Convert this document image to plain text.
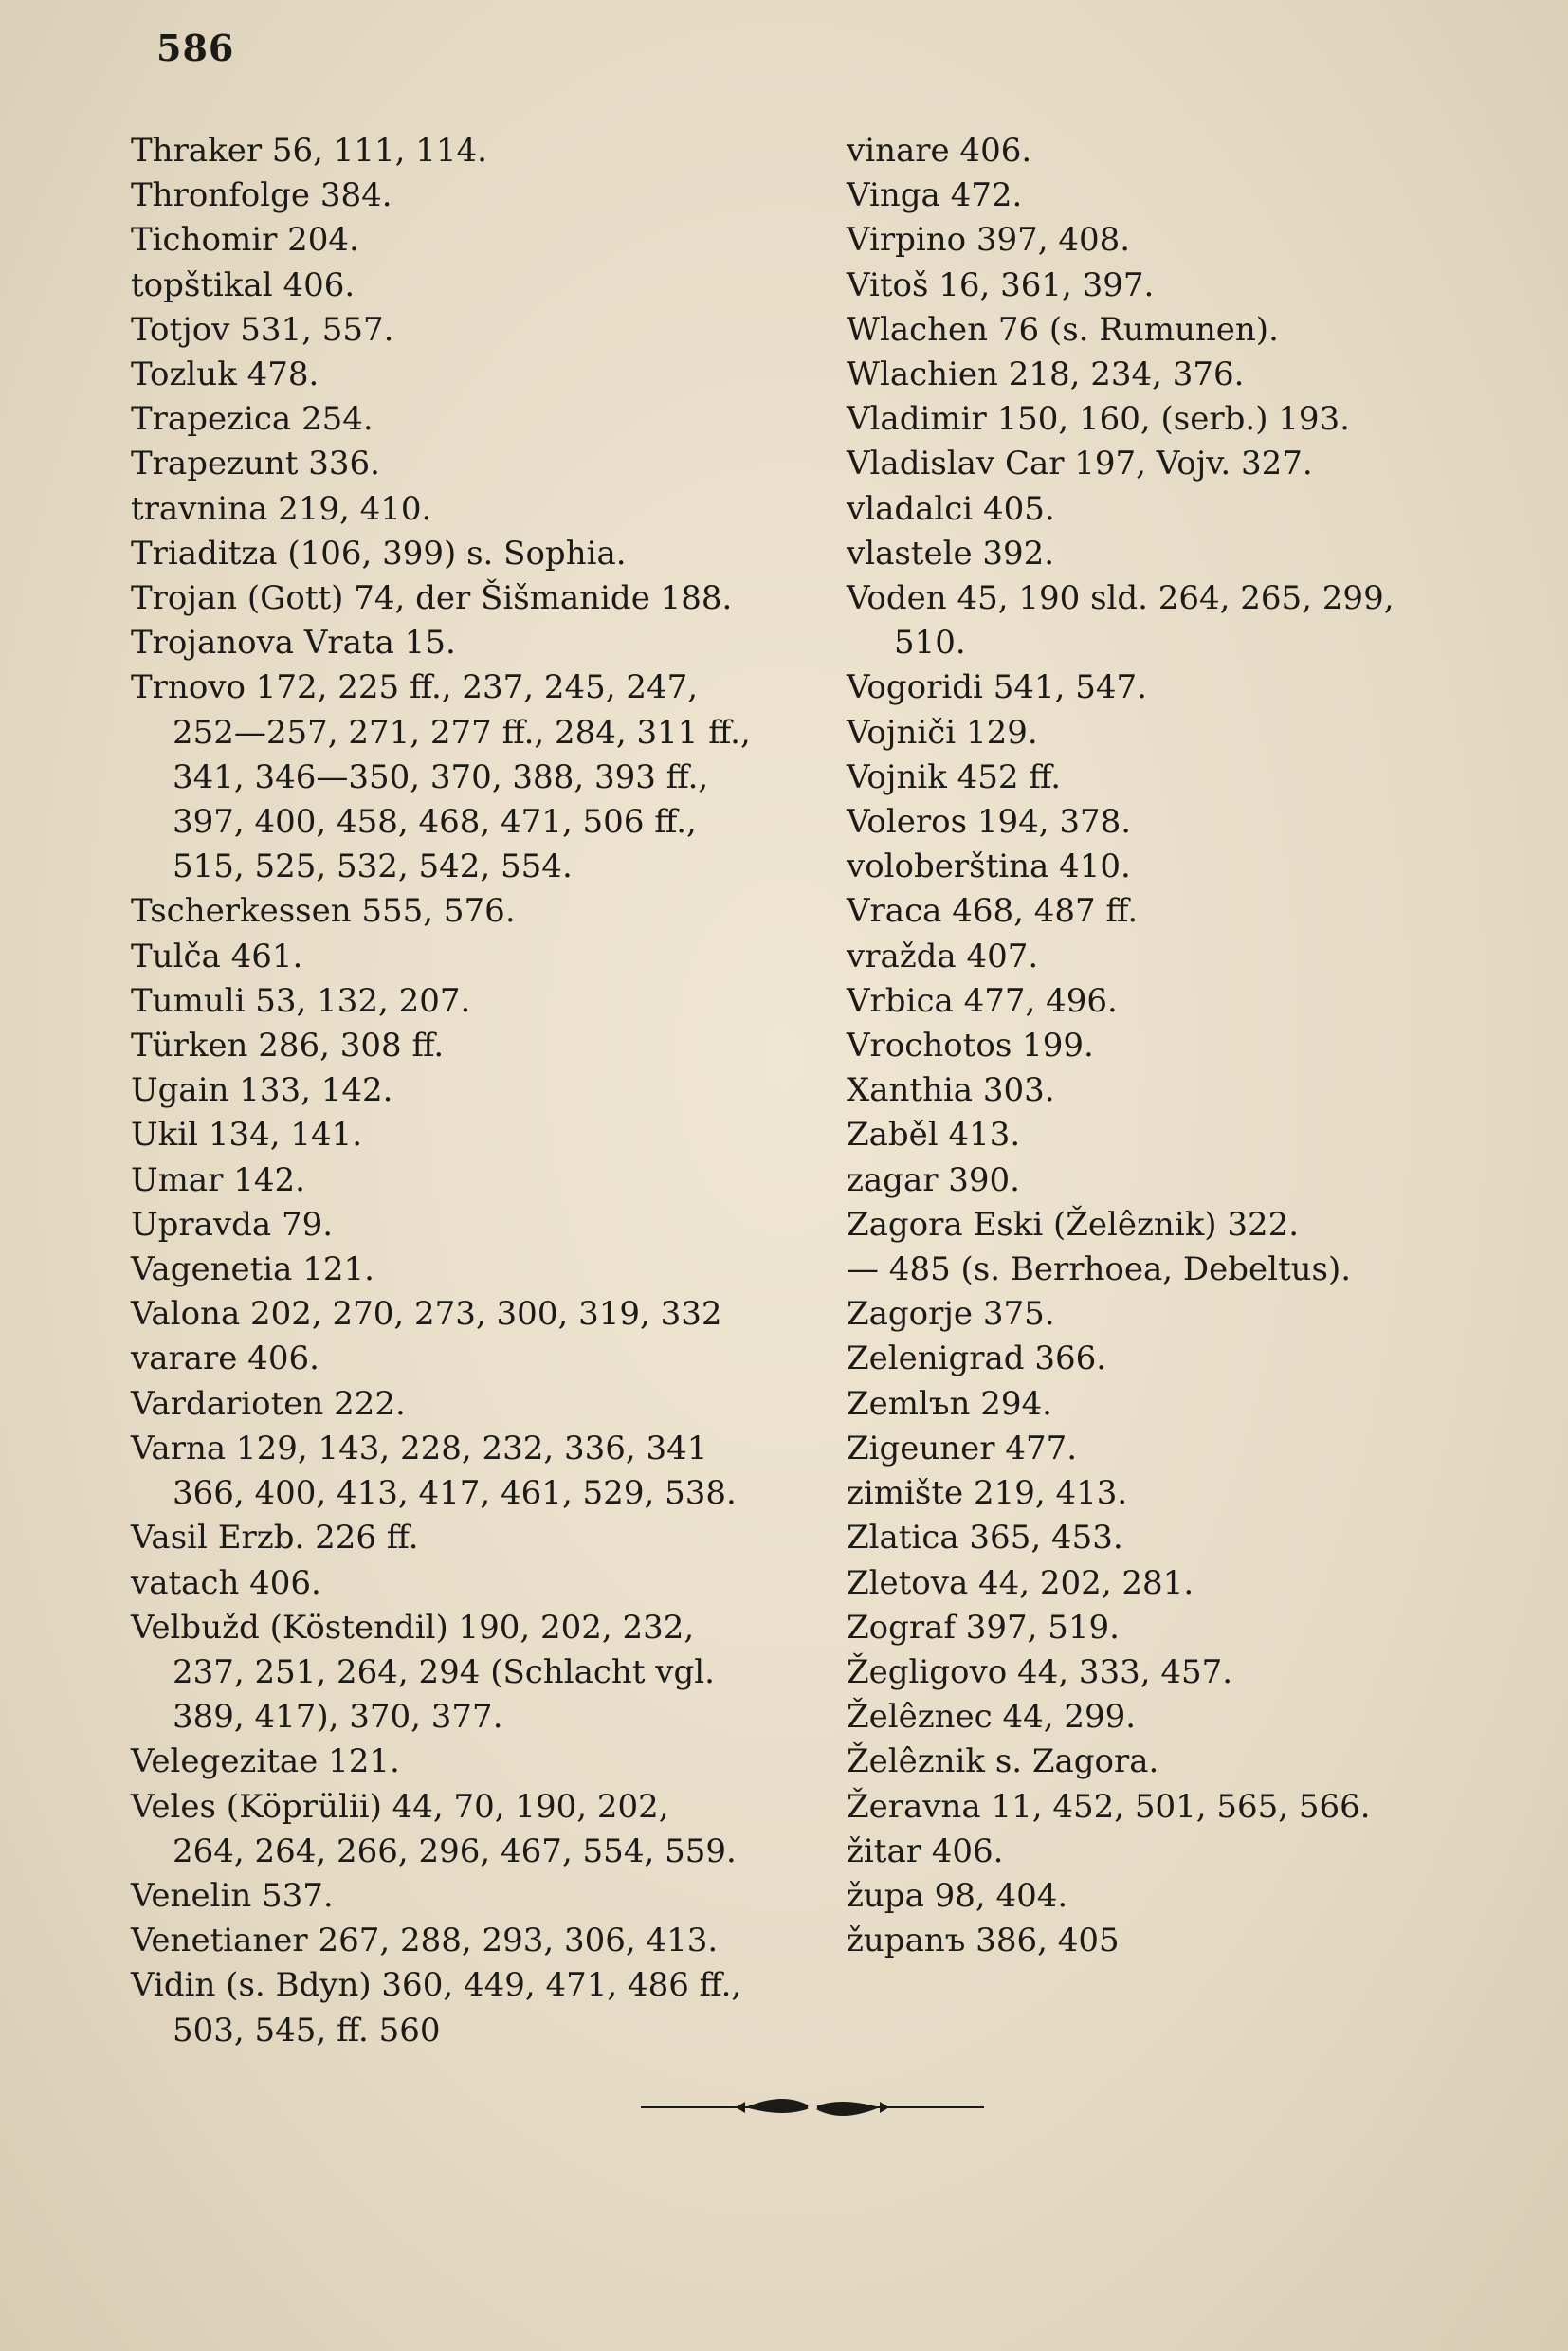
586
Thraker 56, 111, 114.
Thronfolge 384.
Tichomir 204.
topštikal 406.
Totjov 531, 557.
Tozluk 478.
Trapezica 254.
Trapezunt 336.
travnina 219, 410.
Triaditza (106, 399) s. Sophia.
Trojan (Gott) 74, der Šišmanide 188.
Trojanova Vrata 15.
Trnovo 172, 225 ff., 237, 245, 247,
252—257, 271, 277 ff., 284, 311 ff.,
341, 346—350, 370, 388, 393 ff.,
397, 400, 458, 468, 471, 506 ff.,
515, 525, 532, 542, 554.
Tscherkessen 555, 576.
Tulča 461.
Tumuli 53, 132, 207.
Türken 286, 308 ff.
Ugain 133, 142.
Ukil 134, 141.
Umar 142.
Upravda 79.
Vagenetia 121.
Valona 202, 270, 273, 300, 319, 332
varare 406.
Vardarioten 222.
Varna 129, 143, 228, 232, 336, 341
366, 400, 413, 417, 461, 529, 538.
Vasil Erzb. 226 ff.
vatach 406.
Velbužd (Köstendil) 190, 202, 232,
237, 251, 264, 294 (Schlacht vgl.
389, 417), 370, 377.
Velegezitae 121.
Veles (Köprülii) 44, 70, 190, 202,
264, 264, 266, 296, 467, 554, 559.
Venelin 537.
Venetianer 267, 288, 293, 306, 413.
Vidin (s. Bdyn) 360, 449, 471, 486 ff.,
503, 545, ff. 560
vinare 406.
Vinga 472.
Virpino 397, 408.
Vitoš 16, 361, 397.
Wlachen 76 (s. Rumunen).
Wlachien 218, 234, 376.
Vladimir 150, 160, (serb.) 193.
Vladislav Car 197, Vojv. 327.
vladalci 405.
vlastele 392.
Voden 45, 190 sld. 264, 265, 299,
510.
Vogoridi 541, 547.
Vojniči 129.
Vojnik 452 ff.
Voleros 194, 378.
voloberština 410.
Vraca 468, 487 ff.
vražda 407.
Vrbica 477, 496.
Vrochotos 199.
Xanthia 303.
Zaběl 413.
zagar 390.
Zagora Eski (Želêznik) 322.
— 485 (s. Berrhoea, Debeltus).
Zagorje 375.
Zelenigrad 366.
Zemlъn 294.
Zigeuner 477.
zimište 219, 413.
Zlatica 365, 453.
Zletova 44, 202, 281.
Zograf 397, 519.
Žegligovo 44, 333, 457.
Želêznec 44, 299.
Želêznik s. Zagora.
Žeravna 11, 452, 501, 565, 566.
žitar 406.
župa 98, 404.
županъ 386, 405
